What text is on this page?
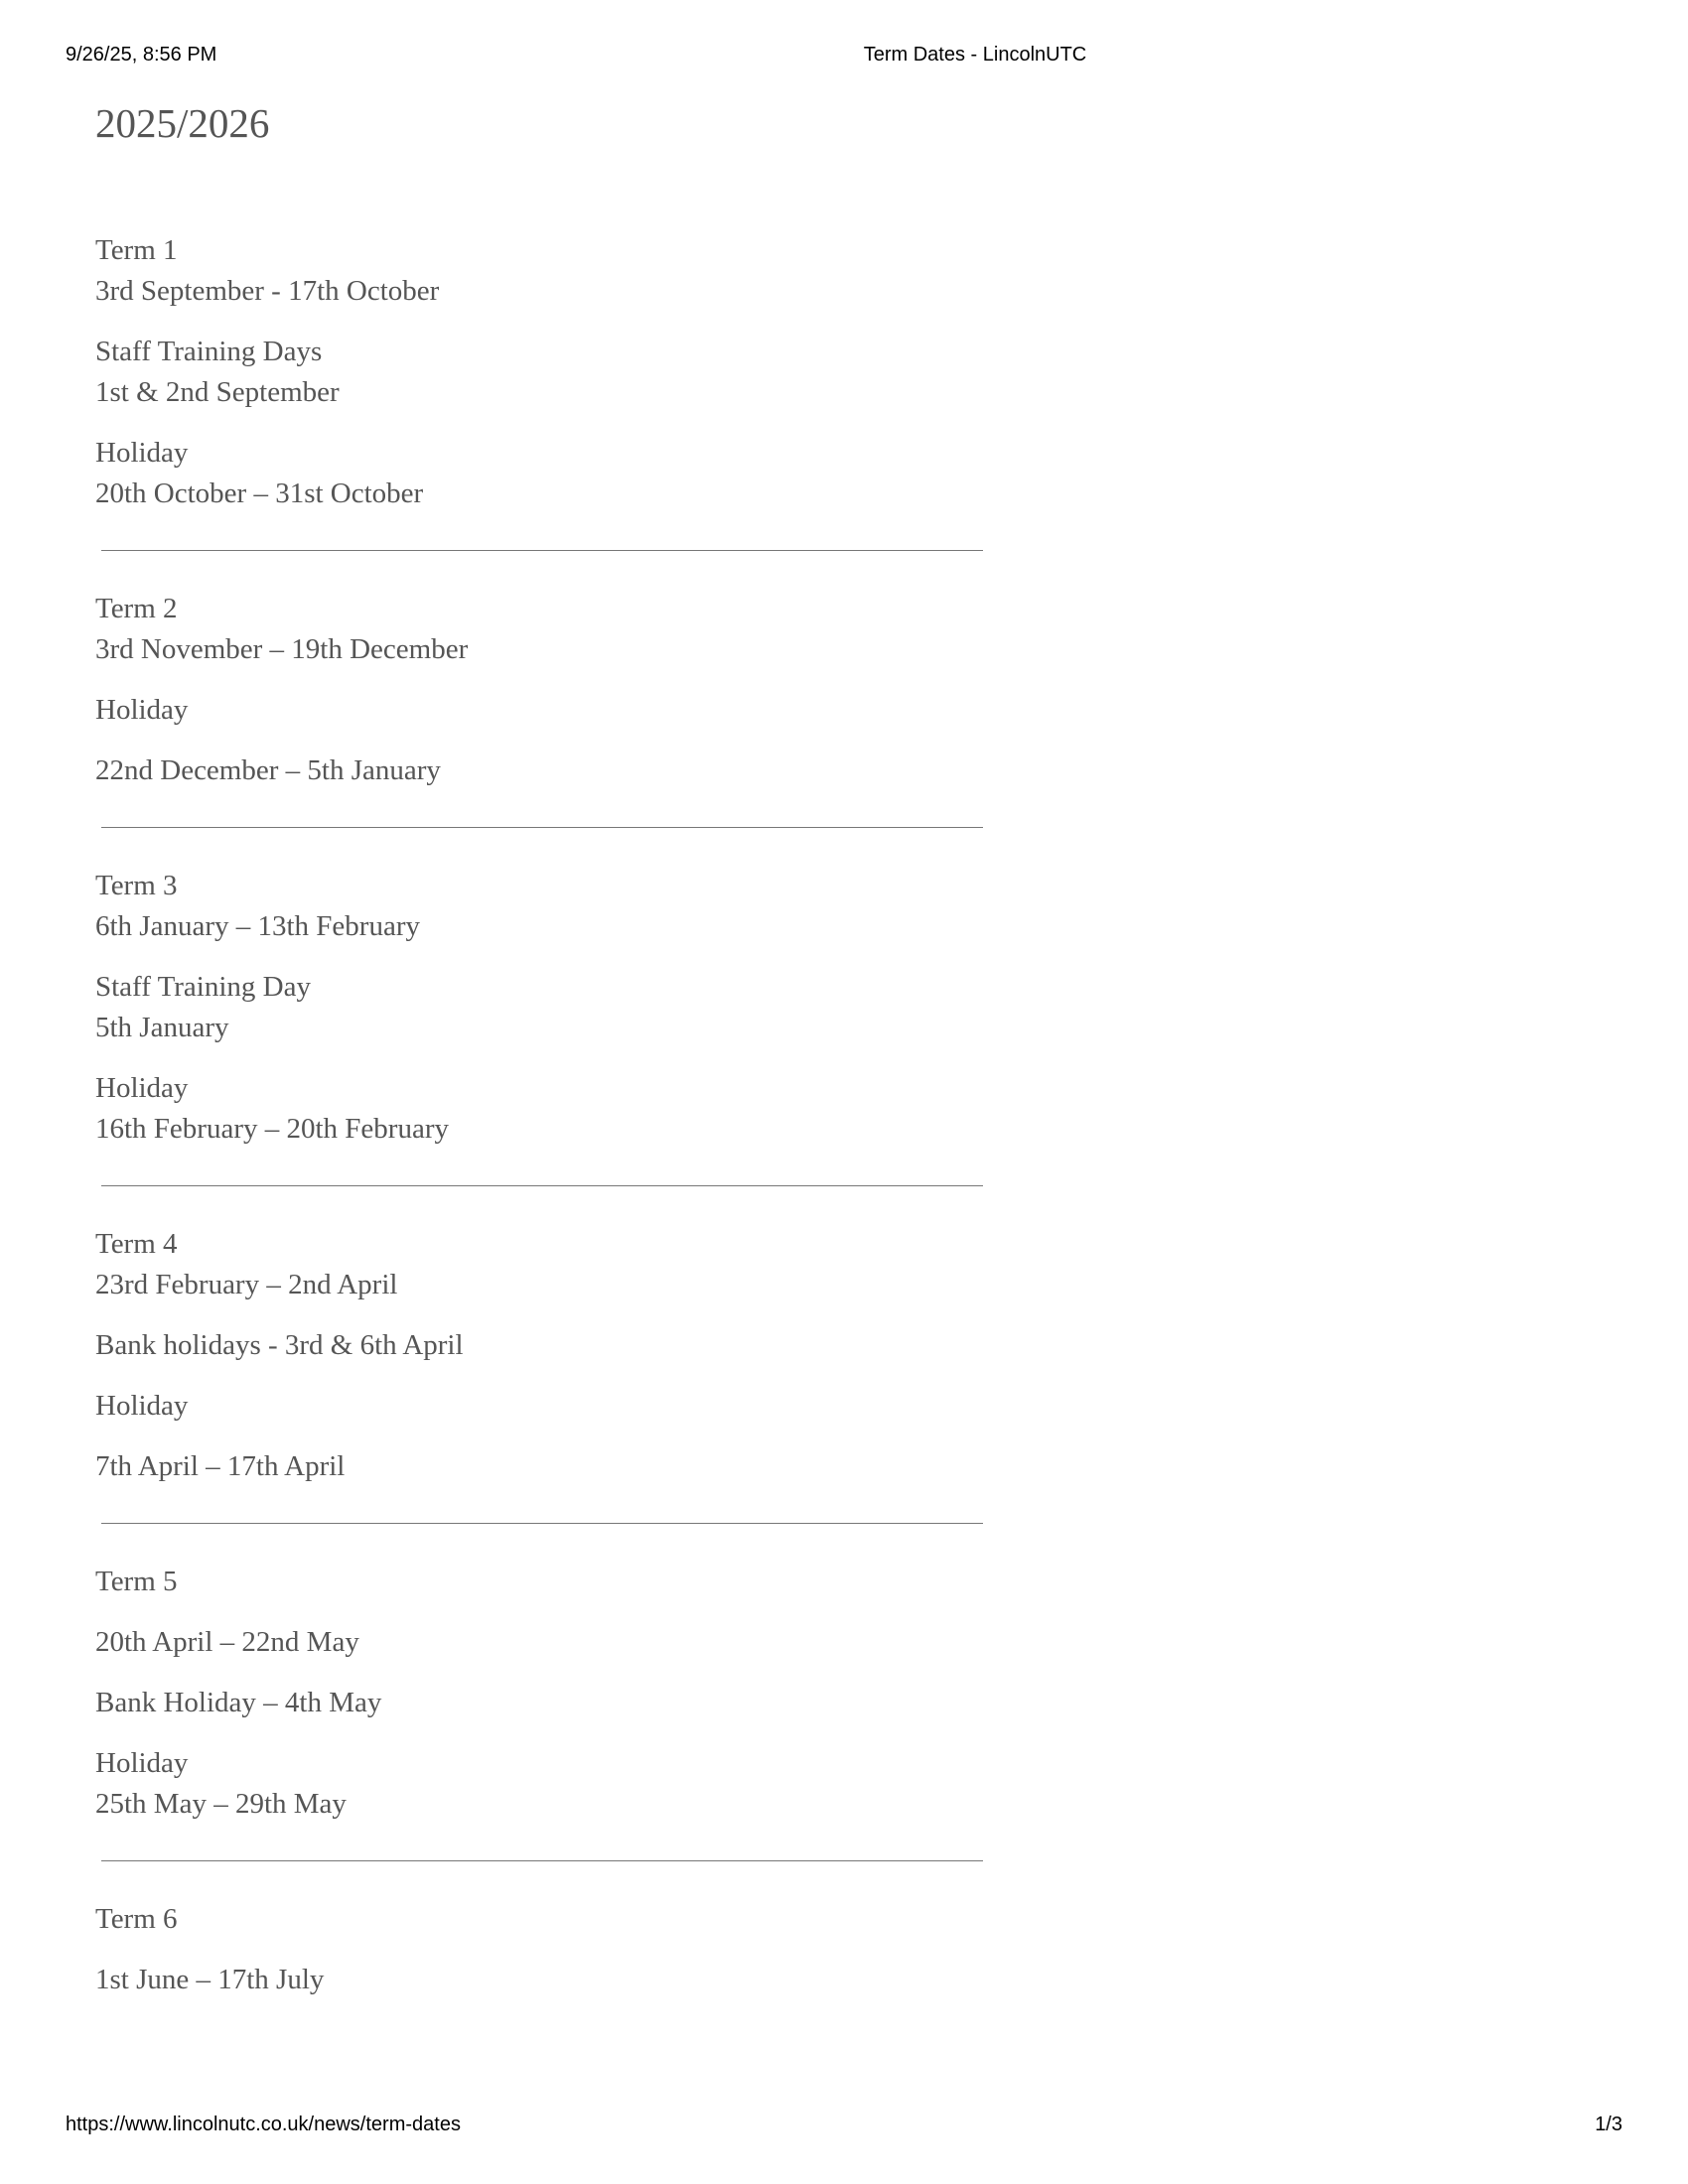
9/26/25, 8:56 PM	Term Dates - LincolnUTC
2025/2026

Term 1
3rd September - 17th October

Staff Training Days
1st & 2nd September

Holiday
20th October – 31st October

Term 2
3rd November – 19th December

Holiday

22nd December – 5th January

Term 3
6th January – 13th February

Staff Training Day
5th January

Holiday
16th February – 20th February

Term 4
23rd February – 2nd April

Bank holidays - 3rd & 6th April

Holiday

7th April – 17th April

Term 5

20th April – 22nd May

Bank Holiday – 4th May

Holiday
25th May – 29th May

Term 6

1st June – 17th July

https://www.lincolnutc.co.uk/news/term-dates	1/3
